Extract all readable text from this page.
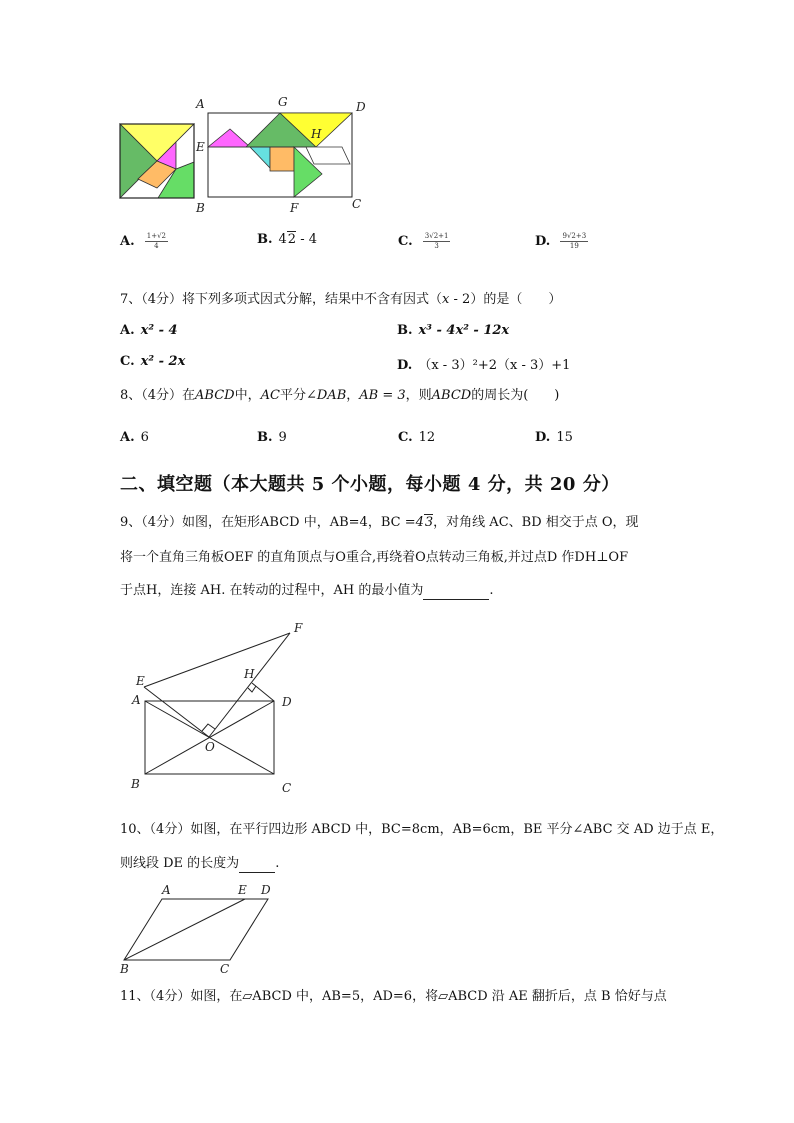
A	G	D
H
E
B	F	C
A. $\frac{1+√2}{4}$	B. 42 - 4	C. $\frac{3√2+1}{3}$	D. $\frac{9√2+3}{19}$
7、（4分）将下列多项式因式分解，结果中不含有因式（x - 2）的是（　　）
A. x² - 4	B. x³ - 4x² - 12x
C. x² - 2x	D. （x - 3）²+2（x - 3）+1
8、（4分）在ABCD中，AC平分∠DAB，AB = 3，则ABCD的周长为(　　)
A. 6	B. 9	C. 12	D. 15
二、填空题（本大题共 5 个小题，每小题 4 分，共 20 分）
9、（4分）如图，在矩形ABCD 中，AB=4，BC =43，对角线 AC、BD 相交于点 O，现
将一个直角三角板OEF 的直角顶点与O重合,再绕着O点转动三角板,并过点D 作DH⊥OF
于点H，连接 AH. 在转动的过程中，AH 的最小值为	.
F
E	H
A	D
O
B	C
10、（4分）如图，在平行四边形 ABCD 中，BC=8cm，AB=6cm，BE 平分∠ABC 交 AD 边于点 E，
则线段 DE 的长度为	.
A	E D
B	C
11、（4分）如图，在▱ABCD 中，AB=5，AD=6，将▱ABCD 沿 AE 翻折后，点 B 恰好与点
